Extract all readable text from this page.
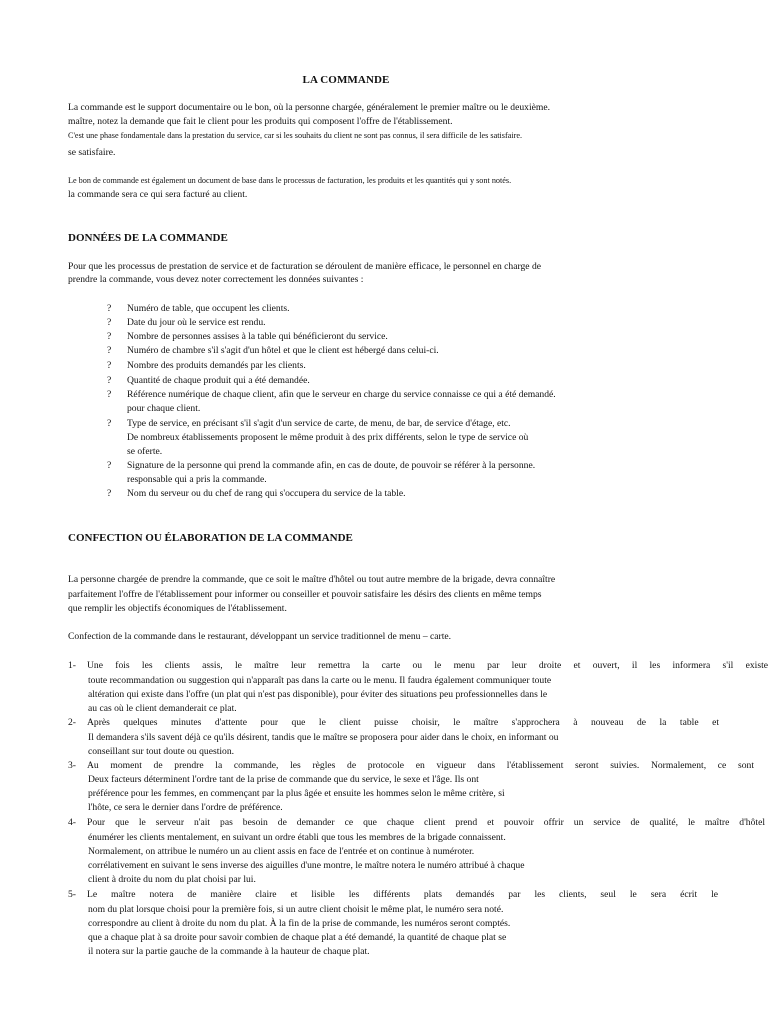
LA COMMANDE
La commande est le support documentaire ou le bon, où la personne chargée, généralement le premier maître ou le deuxième.
maître, notez la demande que fait le client pour les produits qui composent l'offre de l'établissement.
C'est une phase fondamentale dans la prestation du service, car si les souhaits du client ne sont pas connus, il sera difficile de les satisfaire.
se satisfaire.
Le bon de commande est également un document de base dans le processus de facturation, les produits et les quantités qui y sont notés.
la commande sera ce qui sera facturé au client.
DONNÉES DE LA COMMANDE
Pour que les processus de prestation de service et de facturation se déroulent de manière efficace, le personnel en charge de
prendre la commande, vous devez noter correctement les données suivantes :
? Numéro de table, que occupent les clients.
? Date du jour où le service est rendu.
? Nombre de personnes assises à la table qui bénéficieront du service.
? Numéro de chambre s'il s'agit d'un hôtel et que le client est hébergé dans celui-ci.
? Nombre des produits demandés par les clients.
? Quantité de chaque produit qui a été demandée.
? Référence numérique de chaque client, afin que le serveur en charge du service connaisse ce qui a été demandé.
pour chaque client.
? Type de service, en précisant s'il s'agit d'un service de carte, de menu, de bar, de service d'étage, etc.
De nombreux établissements proposent le même produit à des prix différents, selon le type de service où
se oferte.
? Signature de la personne qui prend la commande afin, en cas de doute, de pouvoir se référer à la personne.
responsable qui a pris la commande.
? Nom du serveur ou du chef de rang qui s'occupera du service de la table.
CONFECTION OU ÉLABORATION DE LA COMMANDE
La personne chargée de prendre la commande, que ce soit le maître d'hôtel ou tout autre membre de la brigade, devra connaître
parfaitement l'offre de l'établissement pour informer ou conseiller et pouvoir satisfaire les désirs des clients en même temps
que remplir les objectifs économiques de l'établissement.
Confection de la commande dans le restaurant, développant un service traditionnel de menu – carte.
1- Une fois les clients assis, le maître leur remettra la carte ou le menu par leur droite et ouvert, il les informera s'il existe
toute recommandation ou suggestion qui n'apparaît pas dans la carte ou le menu. Il faudra également communiquer toute
altération qui existe dans l'offre (un plat qui n'est pas disponible), pour éviter des situations peu professionnelles dans le
au cas où le client demanderait ce plat.
2- Après quelques minutes d'attente pour que le client puisse choisir, le maître s'approchera à nouveau de la table et
Il demandera s'ils savent déjà ce qu'ils désirent, tandis que le maître se proposera pour aider dans le choix, en informant ou
conseillant sur tout doute ou question.
3- Au moment de prendre la commande, les règles de protocole en vigueur dans l'établissement seront suivies. Normalement, ce sont
Deux facteurs déterminent l'ordre tant de la prise de commande que du service, le sexe et l'âge. Ils ont
préférence pour les femmes, en commençant par la plus âgée et ensuite les hommes selon le même critère, si
l'hôte, ce sera le dernier dans l'ordre de préférence.
4- Pour que le serveur n'ait pas besoin de demander ce que chaque client prend et pouvoir offrir un service de qualité, le maître d'hôtel
énumérer les clients mentalement, en suivant un ordre établi que tous les membres de la brigade connaissent.
Normalement, on attribue le numéro un au client assis en face de l'entrée et on continue à numéroter.
corrélativement en suivant le sens inverse des aiguilles d'une montre, le maître notera le numéro attribué à chaque
client à droite du nom du plat choisi par lui.
5- Le maître notera de manière claire et lisible les différents plats demandés par les clients, seul le sera écrit le
nom du plat lorsque choisi pour la première fois, si un autre client choisit le même plat, le numéro sera noté.
correspondre au client à droite du nom du plat. À la fin de la prise de commande, les numéros seront comptés.
que a chaque plat à sa droite pour savoir combien de chaque plat a été demandé, la quantité de chaque plat se
il notera sur la partie gauche de la commande à la hauteur de chaque plat.
